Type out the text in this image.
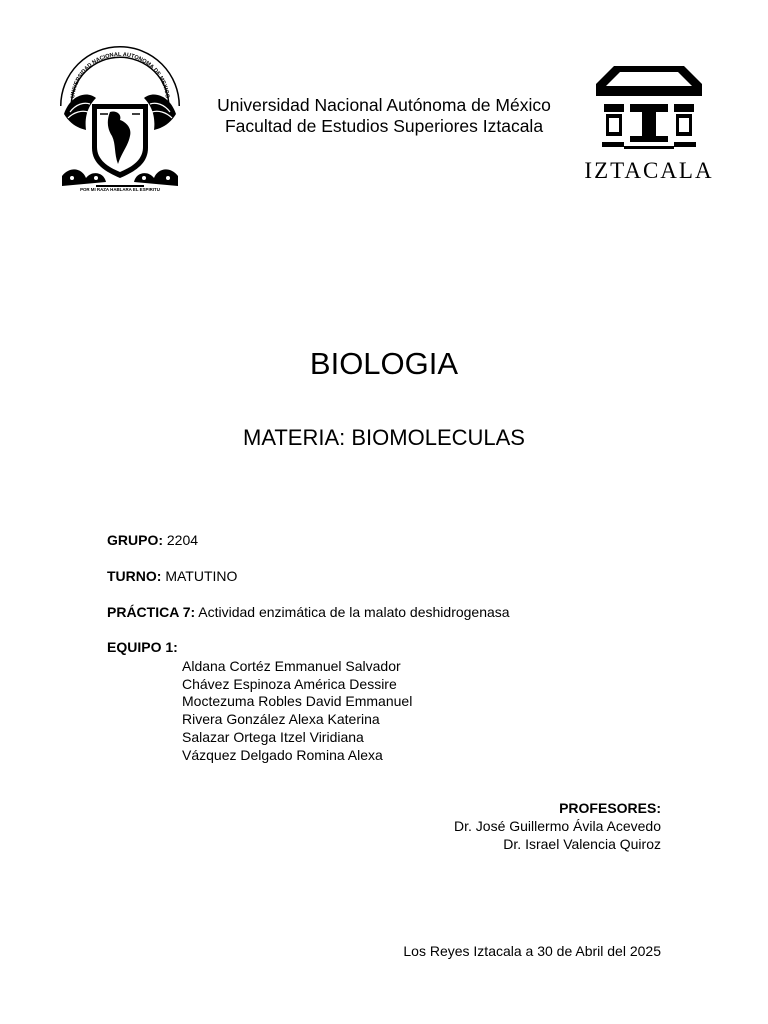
UNIVERSIDAD NACIONAL AUTONOMA DE MEXICO
POR MI RAZA HABLARA EL ESPIRITU
Universidad Nacional Autónoma de México
Facultad de Estudios Superiores Iztacala
IZTACALA
BIOLOGIA
MATERIA: BIOMOLECULAS
GRUPO: 2204
TURNO: MATUTINO
PRÁCTICA 7: Actividad enzimática de la malato deshidrogenasa
EQUIPO 1:
Aldana Cortéz Emmanuel Salvador
Chávez Espinoza América Dessire
Moctezuma Robles David Emmanuel
Rivera González Alexa Katerina
Salazar Ortega Itzel Viridiana
Vázquez Delgado Romina Alexa
PROFESORES:
Dr. José Guillermo Ávila Acevedo
Dr. Israel Valencia Quiroz
Los Reyes Iztacala a 30 de Abril del 2025
